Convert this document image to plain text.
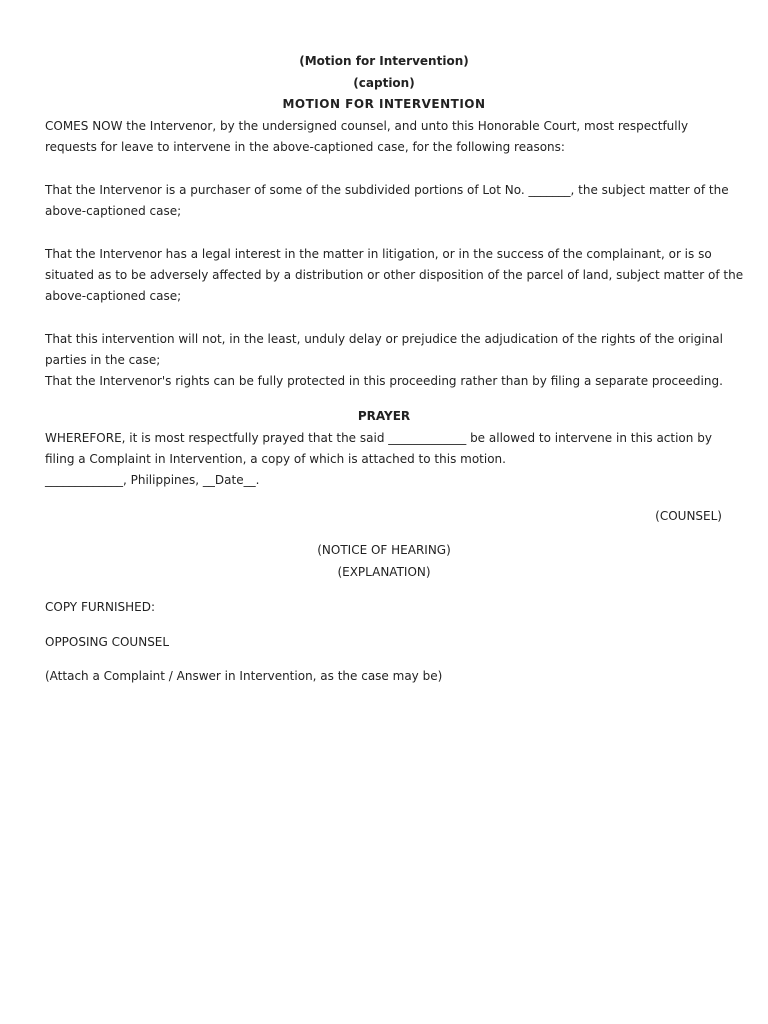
(Motion for Intervention)
(caption)
MOTION FOR INTERVENTION
COMES NOW the Intervenor, by the undersigned counsel, and unto this Honorable Court, most respectfully
requests for leave to intervene in the above-captioned case, for the following reasons:
That the Intervenor is a purchaser of some of the subdivided portions of Lot No. _______, the subject matter of the
above-captioned case;
That the Intervenor has a legal interest in the matter in litigation, or in the success of the complainant, or is so
situated as to be adversely affected by a distribution or other disposition of the parcel of land, subject matter of the
above-captioned case;
That this intervention will not, in the least, unduly delay or prejudice the adjudication of the rights of the original
parties in the case;
That the Intervenor's rights can be fully protected in this proceeding rather than by filing a separate proceeding.
PRAYER
WHEREFORE, it is most respectfully prayed that the said _____________ be allowed to intervene in this action by
filing a Complaint in Intervention, a copy of which is attached to this motion.
_____________, Philippines, __Date__.
(COUNSEL)
(NOTICE OF HEARING)
(EXPLANATION)
COPY FURNISHED:
OPPOSING COUNSEL
(Attach a Complaint / Answer in Intervention, as the case may be)
